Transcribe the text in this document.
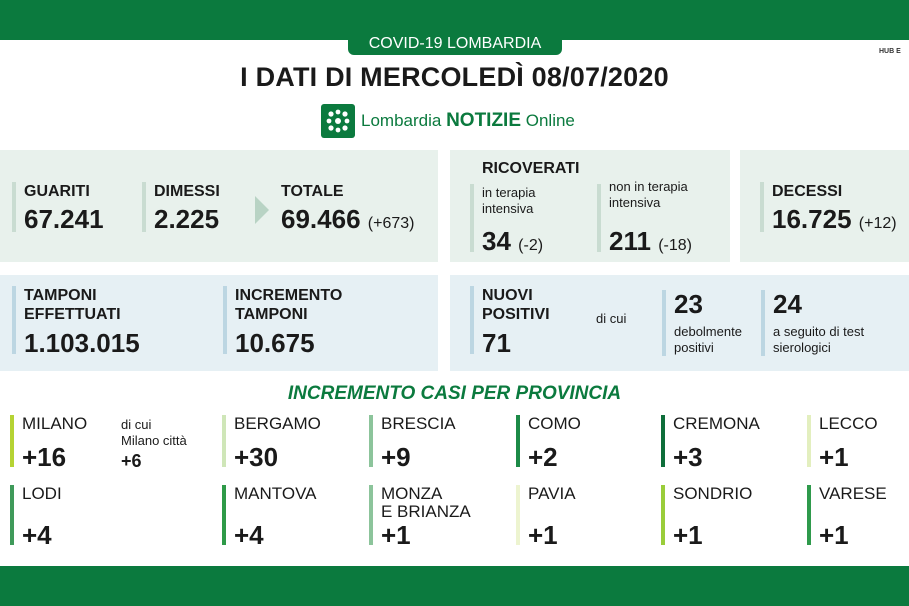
COVID-19 LOMBARDIA	HUB E
I DATI DI MERCOLEDÌ 08/07/2020
Lombardia NOTIZIE Online
GUARITI
67.241
DIMESSI
2.225
TOTALE
69.466 (+673)
RICOVERATI
in terapia
intensiva
34 (-2)
non in terapia
intensiva
211 (-18)
DECESSI
16.725 (+12)
TAMPONI
EFFETTUATI
1.103.015
INCREMENTO
TAMPONI
10.675
NUOVI
POSITIVI
71
di cui 23
debolmente
positivi
24
a seguito di test
sierologici
INCREMENTO CASI PER PROVINCIA
di cui
Milano città
+6
MILANO
+16
BERGAMO
+30
BRESCIA
+9
COMO
+2
CREMONA
+3
LECCO
+1
LODI
+4
MANTOVA
+4
MONZA
E BRIANZA
+1
PAVIA
+1
SONDRIO
+1
VARESE
+1
